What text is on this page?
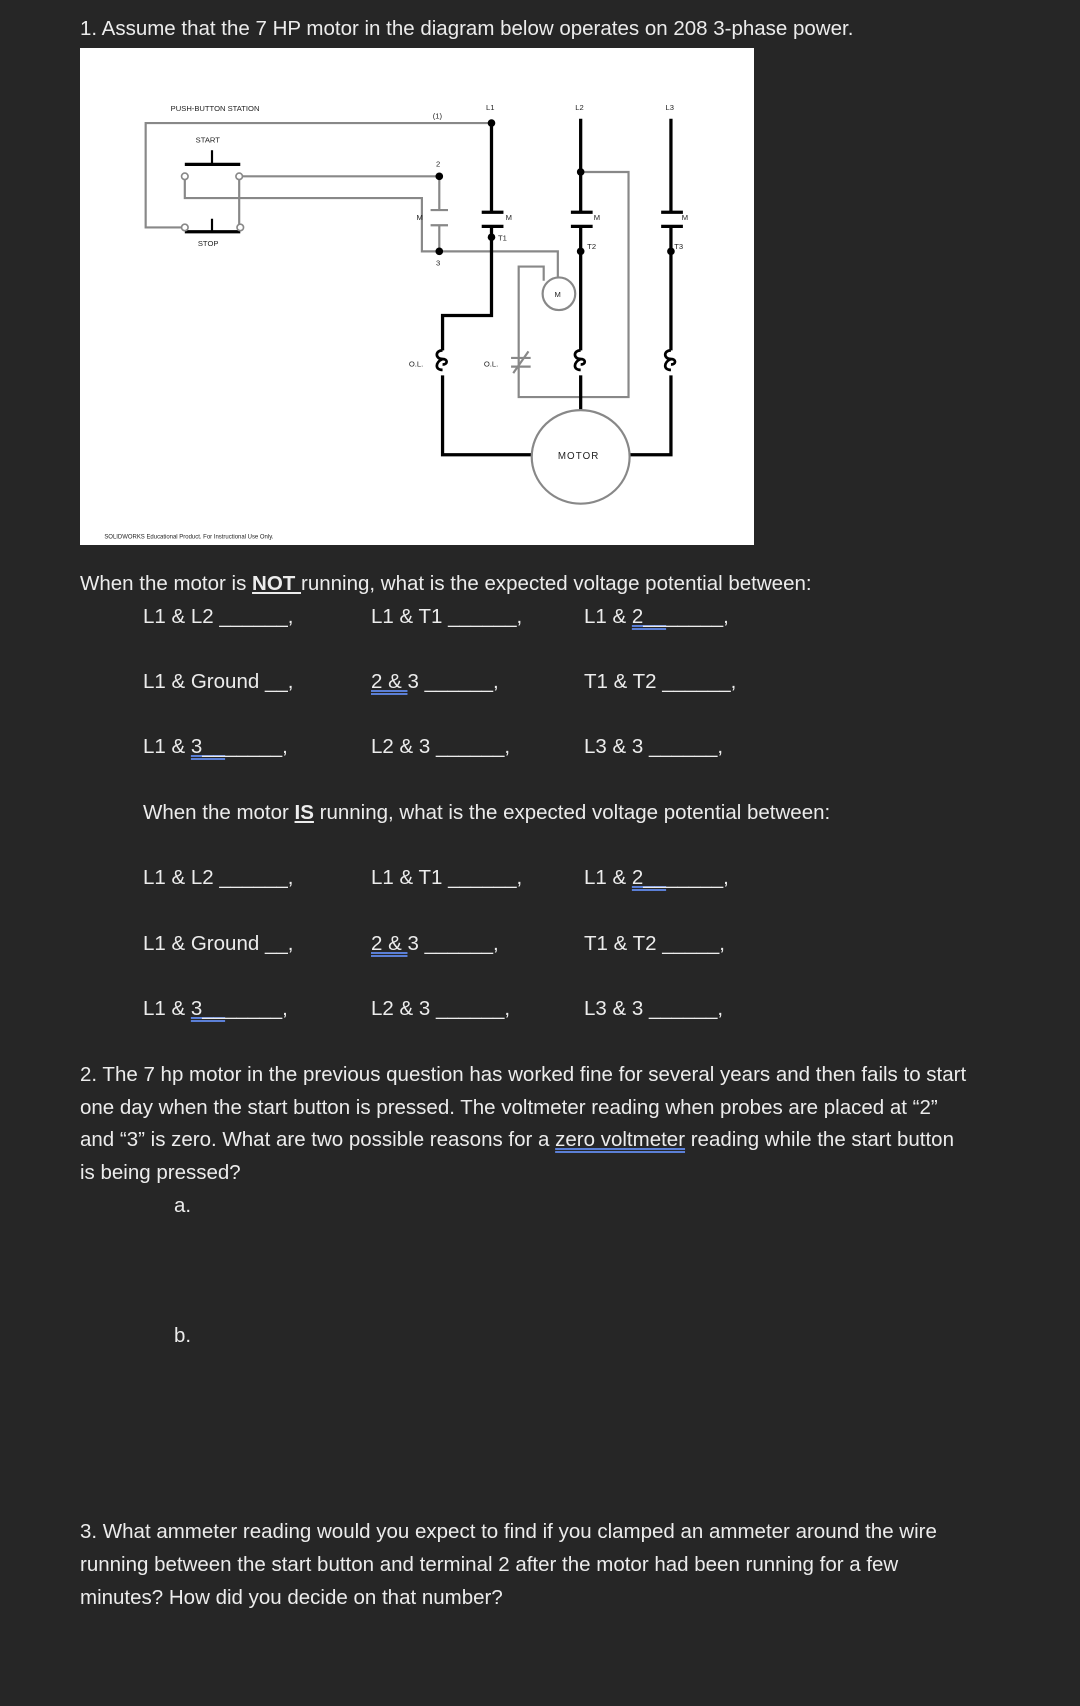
1. Assume that the 7 HP motor in the diagram below operates on 208 3-phase power.
PUSH-BUTTON STATION
START
STOP
(1)
L1	L2	L3
2
3
M	M	M	M
T1
T2	T3
M
O.L.	O.L.
MOTOR
SOLIDWORKS Educational Product. For Instructional Use Only.
When the motor is NOT running, what is the expected voltage potential between:
L1 & L2 ______,	L1 & T1 ______,	L1 & 2_______,
L1 & Ground __,	2 & 3 ______,	T1 & T2 ______,
L1 & 3_______,	L2 & 3 ______,	L3 & 3 ______,
When the motor IS running, what is the expected voltage potential between:
L1 & L2 ______,	L1 & T1 ______,	L1 & 2_______,
L1 & Ground __,	2 & 3 ______,	T1 & T2 _____,
L1 & 3_______,	L2 & 3 ______,	L3 & 3 ______,
2. The 7 hp motor in the previous question has worked fine for several years and then fails to start
one day when the start button is pressed. The voltmeter reading when probes are placed at “2”
and “3” is zero. What are two possible reasons for a zero voltmeter reading while the start button
is being pressed?
a.
b.
3. What ammeter reading would you expect to find if you clamped an ammeter around the wire
running between the start button and terminal 2 after the motor had been running for a few
minutes? How did you decide on that number?
